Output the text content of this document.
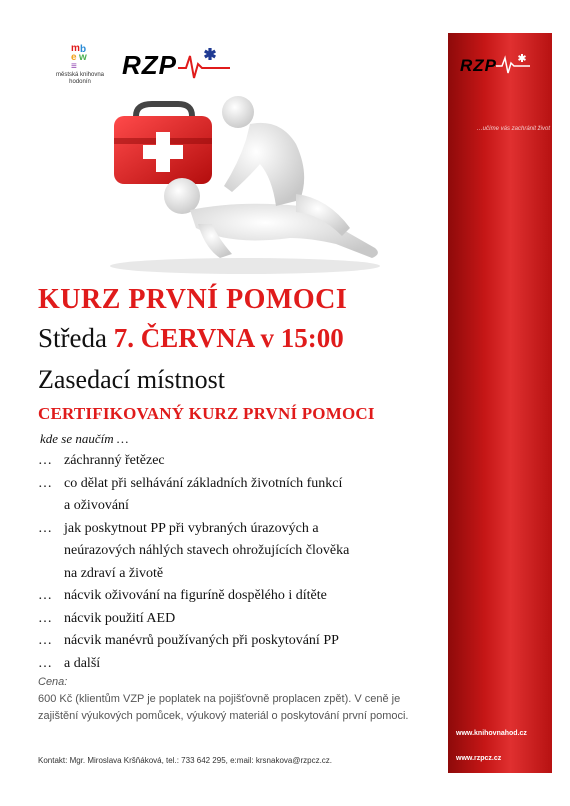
m b
e w
≡
městská knihovna
hodonín
RZP	RZP
…učíme vás zachránit život
www.knihovnahod.cz
www.rzpcz.cz
KURZ PRVNÍ POMOCI
Středa 7. ČERVNA v 15:00
Zasedací místnost
CERTIFIKOVANÝ KURZ PRVNÍ POMOCI
kde se naučím …
… záchranný řetězec
… co dělat při selhávání základních životních funkcí
a oživování
… jak poskytnout PP při vybraných úrazových a
neúrazových náhlých stavech ohrožujících člověka
na zdraví a životě
… nácvik oživování na figuríně dospělého i dítěte
… nácvik použití AED
… nácvik manévrů používaných při poskytování PP
… a další
Cena:
600 Kč (klientům VZP je poplatek na pojišťovně proplacen zpět). V ceně je zajištění výukových pomůcek, výukový materiál o poskytování první pomoci.
Kontakt: Mgr. Miroslava Kršňáková, tel.: 733 642 295, e:mail: krsnakova@rzpcz.cz.
